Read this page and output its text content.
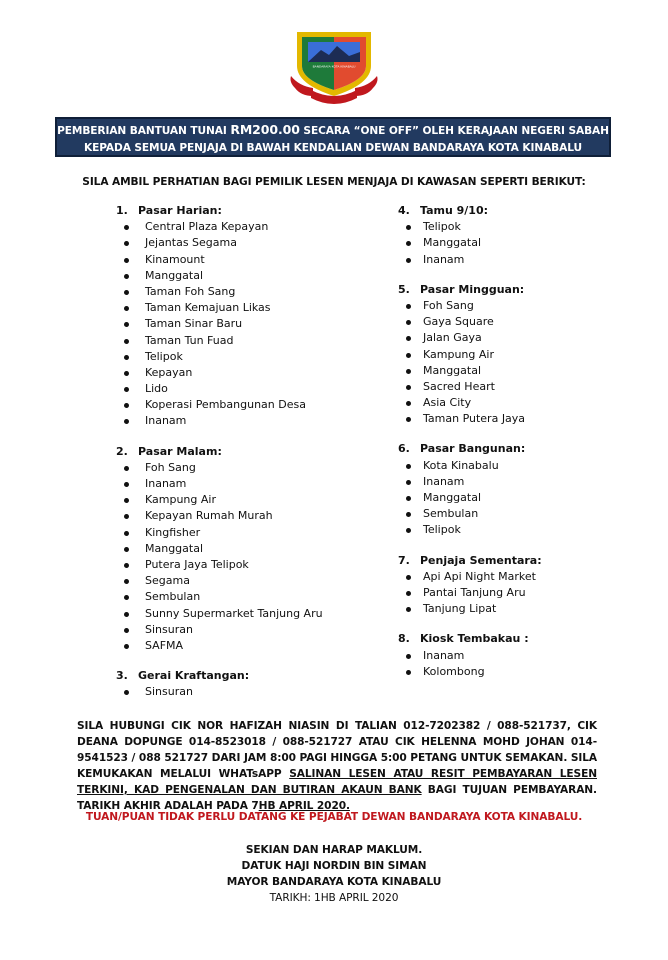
BANDARAYA KOTA KINABALU
PEMBERIAN BANTUAN TUNAI RM200.00 SECARA “ONE OFF” OLEH KERAJAAN NEGERI SABAH
KEPADA SEMUA PENJAJA DI BAWAH KENDALIAN DEWAN BANDARAYA KOTA KINABALU
SILA AMBIL PERHATIAN BAGI PEMILIK LESEN MENJAJA DI KAWASAN SEPERTI BERIKUT:
1. Pasar Harian:
Central Plaza Kepayan
Jejantas Segama
Kinamount
Manggatal
Taman Foh Sang
Taman Kemajuan Likas
Taman Sinar Baru
Taman Tun Fuad
Telipok
Kepayan
Lido
Koperasi Pembangunan Desa
Inanam
2. Pasar Malam:
Foh Sang
Inanam
Kampung Air
Kepayan Rumah Murah
Kingfisher
Manggatal
Putera Jaya Telipok
Segama
Sembulan
Sunny Supermarket Tanjung Aru
Sinsuran
SAFMA
3. Gerai Kraftangan:
Sinsuran
4. Tamu 9/10:
Telipok
Manggatal
Inanam
5. Pasar Mingguan:
Foh Sang
Gaya Square
Jalan Gaya
Kampung Air
Manggatal
Sacred Heart
Asia City
Taman Putera Jaya
6. Pasar Bangunan:
Kota Kinabalu
Inanam
Manggatal
Sembulan
Telipok
7. Penjaja Sementara:
Api Api Night Market
Pantai Tanjung Aru
Tanjung Lipat
8. Kiosk Tembakau :
Inanam
Kolombong
SILA HUBUNGI CIK NOR HAFIZAH NIASIN DI TALIAN 012-7202382 / 088-521737, CIK DEANA DOPUNGE 014-8523018 / 088-521727 ATAU CIK HELENNA MOHD JOHAN 014-9541523 / 088 521727 DARI JAM 8:00 PAGI HINGGA 5:00 PETANG UNTUK SEMAKAN. SILA KEMUKAKAN MELALUI WHATsAPP SALINAN LESEN ATAU RESIT PEMBAYARAN LESEN TERKINI, KAD PENGENALAN DAN BUTIRAN AKAUN BANK BAGI TUJUAN PEMBAYARAN. TARIKH AKHIR ADALAH PADA 7HB APRIL 2020.
TUAN/PUAN TIDAK PERLU DATANG KE PEJABAT DEWAN BANDARAYA KOTA KINABALU.
SEKIAN DAN HARAP MAKLUM.
DATUK HAJI NORDIN BIN SIMAN
MAYOR BANDARAYA KOTA KINABALU
TARIKH: 1HB APRIL 2020
